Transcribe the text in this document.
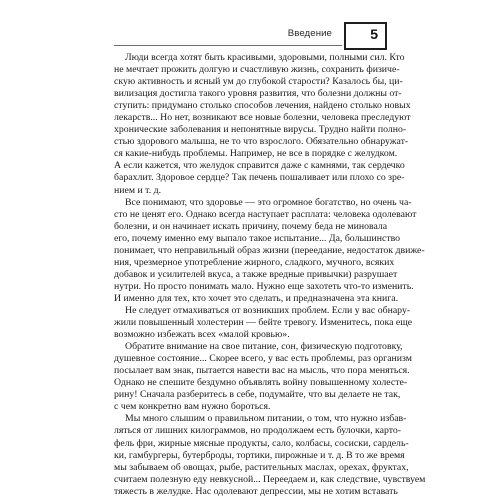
Введение	5
Люди всегда хотят быть красивыми, здоровыми, полными сил. Кто
не мечтает прожить долгую и счастливую жизнь, сохранить физиче-
скую активность и ясный ум до глубокой старости? Казалось бы, ци-
вилизация достигла такого уровня развития, что болезни должны от-
ступить: придумано столько способов лечения, найдено столько новых
лекарств... Но нет, возникают все новые болезни, человека преследуют
хронические заболевания и непонятные вирусы. Трудно найти полно-
стью здорового малыша, не то что взрослого. Обязательно обнаружат-
ся какие-нибудь проблемы. Например, не все в порядке с желудком.
А если кажется, что желудок справится даже с камнями, так сердечко
барахлит. Здоровое сердце? Так печень пошаливает или плохо со зре-
нием и т. д.
Все понимают, что здоровье — это огромное богатство, но очень ча-
сто не ценят его. Однако всегда наступает расплата: человека одолевают
болезни, и он начинает искать причину, почему беда не миновала
его, почему именно ему выпало такое испытание... Да, большинство
понимает, что неправильный образ жизни (переедание, недостаток движе-
ния, чрезмерное употребление жирного, сладкого, мучного, всяких
добавок и усилителей вкуса, а также вредные привычки) разрушает
нутри. Но просто понимать мало. Нужно еще захотеть что-то изменить.
И именно для тех, кто хочет это сделать, и предназначена эта книга.
Не следует отмахиваться от возникших проблем. Если у вас обнару-
жили повышенный холестерин — бейте тревогу. Изменитесь, пока еще
возможно избежать всех «малой кровью».
Обратите внимание на свое питание, сон, физическую подготовку,
душевное состояние... Скорее всего, у вас есть проблемы, раз организм
посылает вам знак, пытается навести вас на мысль, что пора меняться.
Однако не спешите бездумно объявлять войну повышенному холесте-
рину! Сначала разберитесь в себе, подумайте, что вы делаете не так,
с чем конкретно вам нужно бороться.
Мы много слышим о правильном питании, о том, что нужно избав-
ляться от лишних килограммов, но продолжаем есть булочки, карто-
фель фри, жирные мясные продукты, сало, колбасы, сосиски, сардель-
ки, гамбургеры, бутерброды, тортики, пирожные и т. д. В то же время
мы забываем об овощах, рыбе, растительных маслах, орехах, фруктах,
считаем полезную еду невкусной... Переедаем и, как следствие, чувствуем
тяжесть в желудке. Нас одолевают депрессии, мы не хотим вставать
